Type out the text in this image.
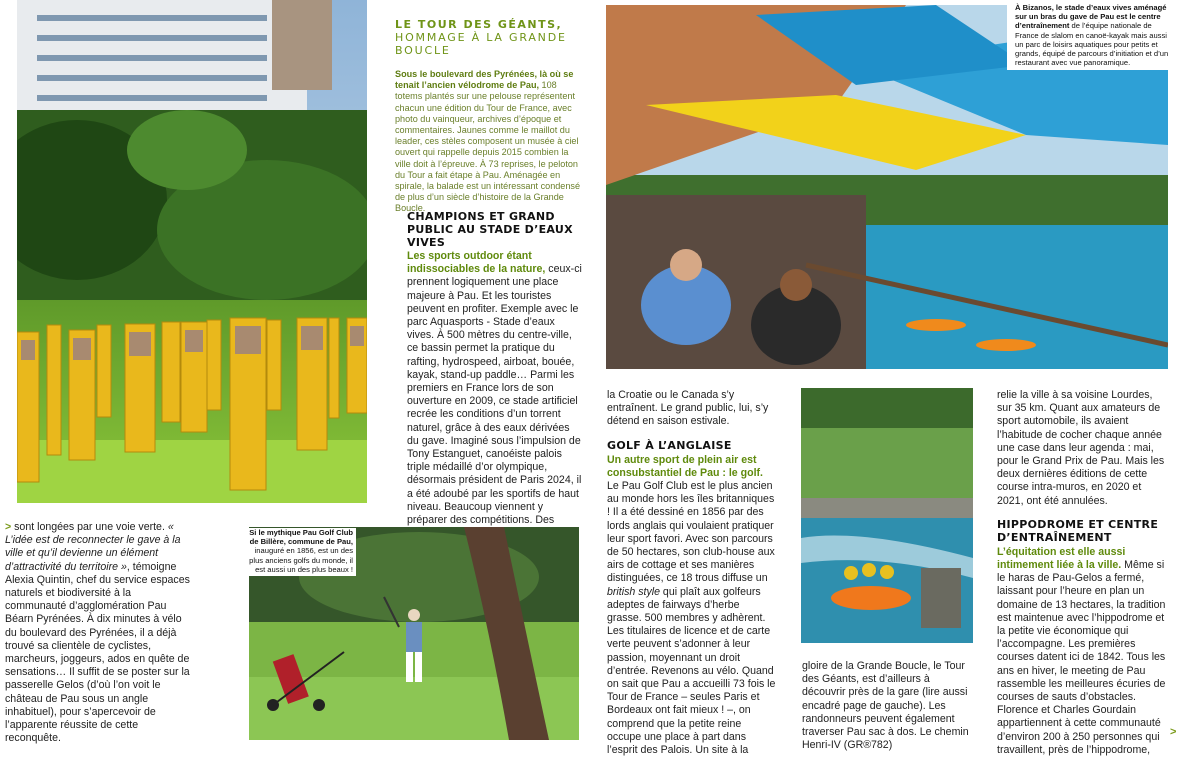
LE TOUR DES GÉANTS, HOMMAGE À LA GRANDE BOUCLE

Sous le boulevard des Pyrénées, là où se tenait l’ancien vélodrome de Pau, 108 totems plantés sur une pelouse représentent chacun une édition du Tour de France, avec photo du vainqueur, archives d’époque et commentaires. Jaunes comme le maillot du leader, ces stèles composent un musée à ciel ouvert qui rappelle depuis 2015 combien la ville doit à l’épreuve. À 73 reprises, le peloton du Tour a fait étape à Pau. Aménagée en spirale, la balade est un intéressant condensé de plus d’un siècle d’histoire de la Grande Boucle.

CHAMPIONS ET GRAND PUBLIC AU STADE D’EAUX VIVES

Les sports outdoor étant indissociables de la nature, ceux-ci prennent logiquement une place majeure à Pau. Et les touristes peuvent en profiter. Exemple avec le parc Aquasports - Stade d’eaux vives. À 500 mètres du centre-ville, ce bassin permet la pratique du rafting, hydrospeed, airboat, bouée, kayak, stand-up paddle… Parmi les premiers en France lors de son ouverture en 2009, ce stade artificiel recrée les conditions d’un torrent naturel, grâce à des eaux dérivées du gave. Imaginé sous l’impulsion de Tony Estanguet, canoéiste palois triple médaillé d’or olympique, désormais président de Paris 2024, il a été adoubé par les sportifs de haut niveau. Beaucoup viennent y préparer des compétitions. Des

> sont longées par une voie verte. « L’idée est de reconnecter le gave à la ville et qu’il devienne un élément d’attractivité du territoire », témoigne Alexia Quintin, chef du service espaces naturels et biodiversité à la communauté d’agglomération Pau Béarn Pyrénées. À dix minutes à vélo du boulevard des Pyrénées, il a déjà trouvé sa clientèle de cyclistes, marcheurs, joggeurs, ados en quête de sensations… Il suffit de se poster sur la passerelle Gelos (d’où l’on voit le château de Pau sous un angle inhabituel), pour s’apercevoir de l’apparente réussite de cette reconquête.

Si le mythique Pau Golf Club de Billère, commune de Pau, inauguré en 1856, est un des plus anciens golfs du monde, il est aussi un des plus beaux !
À Bizanos, le stade d’eaux vives aménagé sur un bras du gave de Pau est le centre d’entraînement de l’équipe nationale de France de slalom en canoë-kayak mais aussi un parc de loisirs aquatiques pour petits et grands, équipé de parcours d’initiation et d’un restaurant avec vue panoramique.

la Croatie ou le Canada s’y entraînent. Le grand public, lui, s’y détend en saison estivale.

GOLF À L’ANGLAISE

Un autre sport de plein air est consubstantiel de Pau : le golf. Le Pau Golf Club est le plus ancien au monde hors les îles britanniques ! Il a été dessiné en 1856 par des lords anglais qui voulaient pratiquer leur sport favori. Avec son parcours de 50 hectares, son club-house aux airs de cottage et ses manières distinguées, ce 18 trous diffuse un british style qui plaît aux golfeurs adeptes de fairways d’herbe grasse. 500 membres y adhèrent. Les titulaires de licence et de carte verte peuvent s’adonner à leur passion, moyennant un droit d’entrée. Revenons au vélo. Quand on sait que Pau a accueilli 73 fois le Tour de France – seules Paris et Bordeaux ont fait mieux ! –, on comprend que la petite reine occupe une place à part dans l’esprit des Palois. Un site à la

gloire de la Grande Boucle, le Tour des Géants, est d’ailleurs à découvrir près de la gare (lire aussi encadré page de gauche). Les randonneurs peuvent également traverser Pau sac à dos. Le chemin Henri-IV (GR®782)

relie la ville à sa voisine Lourdes, sur 35 km. Quant aux amateurs de sport automobile, ils avaient l’habitude de cocher chaque année une case dans leur agenda : mai, pour le Grand Prix de Pau. Mais les deux dernières éditions de cette course intra-muros, en 2020 et 2021, ont été annulées.

HIPPODROME ET CENTRE D’ENTRAÎNEMENT

L’équitation est elle aussi intimement liée à la ville. Même si le haras de Pau-Gelos a fermé, laissant pour l’heure en plan un domaine de 13 hectares, la tradition est maintenue avec l’hippodrome et la petite vie économique qui l’accompagne. Les premières courses datent ici de 1842. Tous les ans en hiver, le meeting de Pau rassemble les meilleures écuries de courses de sauts d’obstacles. Florence et Charles Gourdain appartiennent à cette communauté d’environ 200 à 250 personnes qui travaillent, près de l’hippodrome,

>
